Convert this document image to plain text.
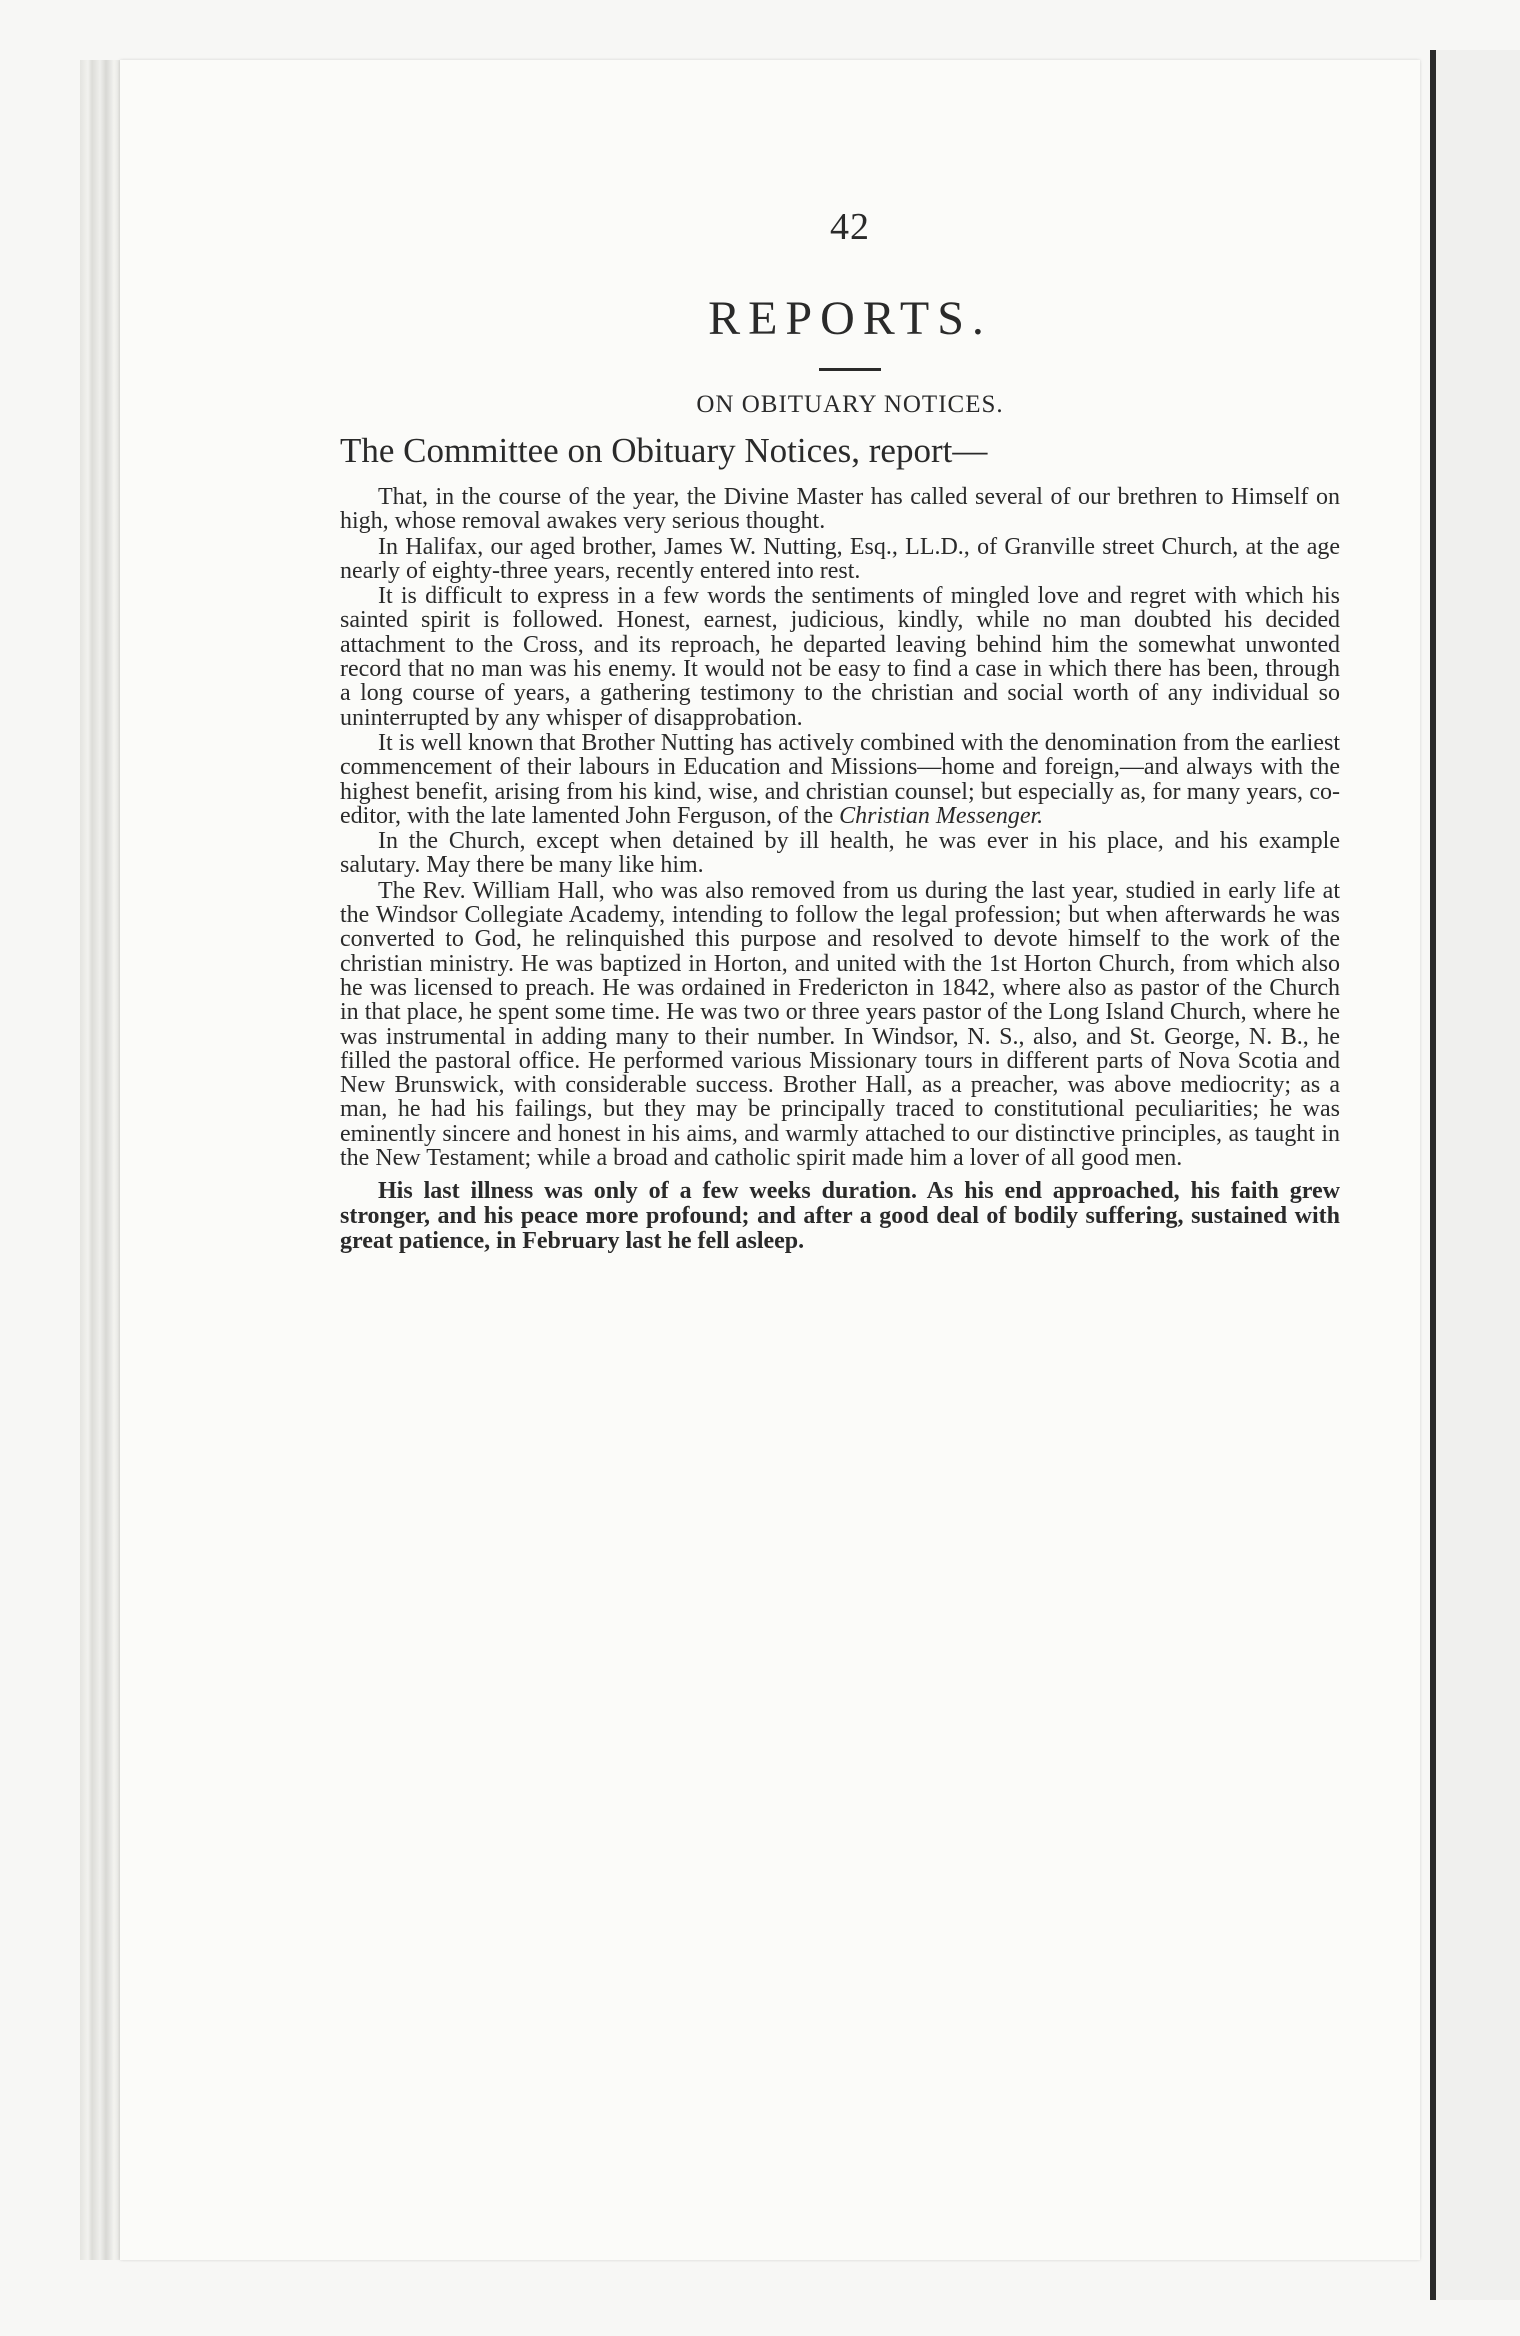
42
REPORTS.
ON OBITUARY NOTICES.
The Committee on Obituary Notices, report—

That, in the course of the year, the Divine Master has called several of our brethren to Himself on high, whose removal awakes very serious thought.

In Halifax, our aged brother, James W. Nutting, Esq., LL.D., of Granville street Church, at the age nearly of eighty-three years, recently entered into rest.

It is difficult to express in a few words the sentiments of mingled love and regret with which his sainted spirit is followed. Honest, earnest, judicious, kindly, while no man doubted his decided attachment to the Cross, and its reproach, he departed leaving behind him the somewhat unwonted record that no man was his enemy. It would not be easy to find a case in which there has been, through a long course of years, a gathering testimony to the christian and social worth of any individual so uninterrupted by any whisper of disapprobation.

It is well known that Brother Nutting has actively combined with the denomination from the earliest commencement of their labours in Education and Missions—home and foreign,—and always with the highest benefit, arising from his kind, wise, and christian counsel; but especially as, for many years, co-editor, with the late lamented John Ferguson, of the Christian Messenger.

In the Church, except when detained by ill health, he was ever in his place, and his example salutary. May there be many like him.

The Rev. William Hall, who was also removed from us during the last year, studied in early life at the Windsor Collegiate Academy, intending to follow the legal profession; but when afterwards he was converted to God, he relinquished this purpose and resolved to devote himself to the work of the christian ministry. He was baptized in Horton, and united with the 1st Horton Church, from which also he was licensed to preach. He was ordained in Fredericton in 1842, where also as pastor of the Church in that place, he spent some time. He was two or three years pastor of the Long Island Church, where he was instrumental in adding many to their number. In Windsor, N. S., also, and St. George, N. B., he filled the pastoral office. He performed various Missionary tours in different parts of Nova Scotia and New Brunswick, with considerable success. Brother Hall, as a preacher, was above mediocrity; as a man, he had his failings, but they may be principally traced to constitutional peculiarities; he was eminently sincere and honest in his aims, and warmly attached to our distinctive principles, as taught in the New Testament; while a broad and catholic spirit made him a lover of all good men.

His last illness was only of a few weeks duration. As his end approached, his faith grew stronger, and his peace more profound; and after a good deal of bodily suffering, sustained with great patience, in February last he fell asleep.
